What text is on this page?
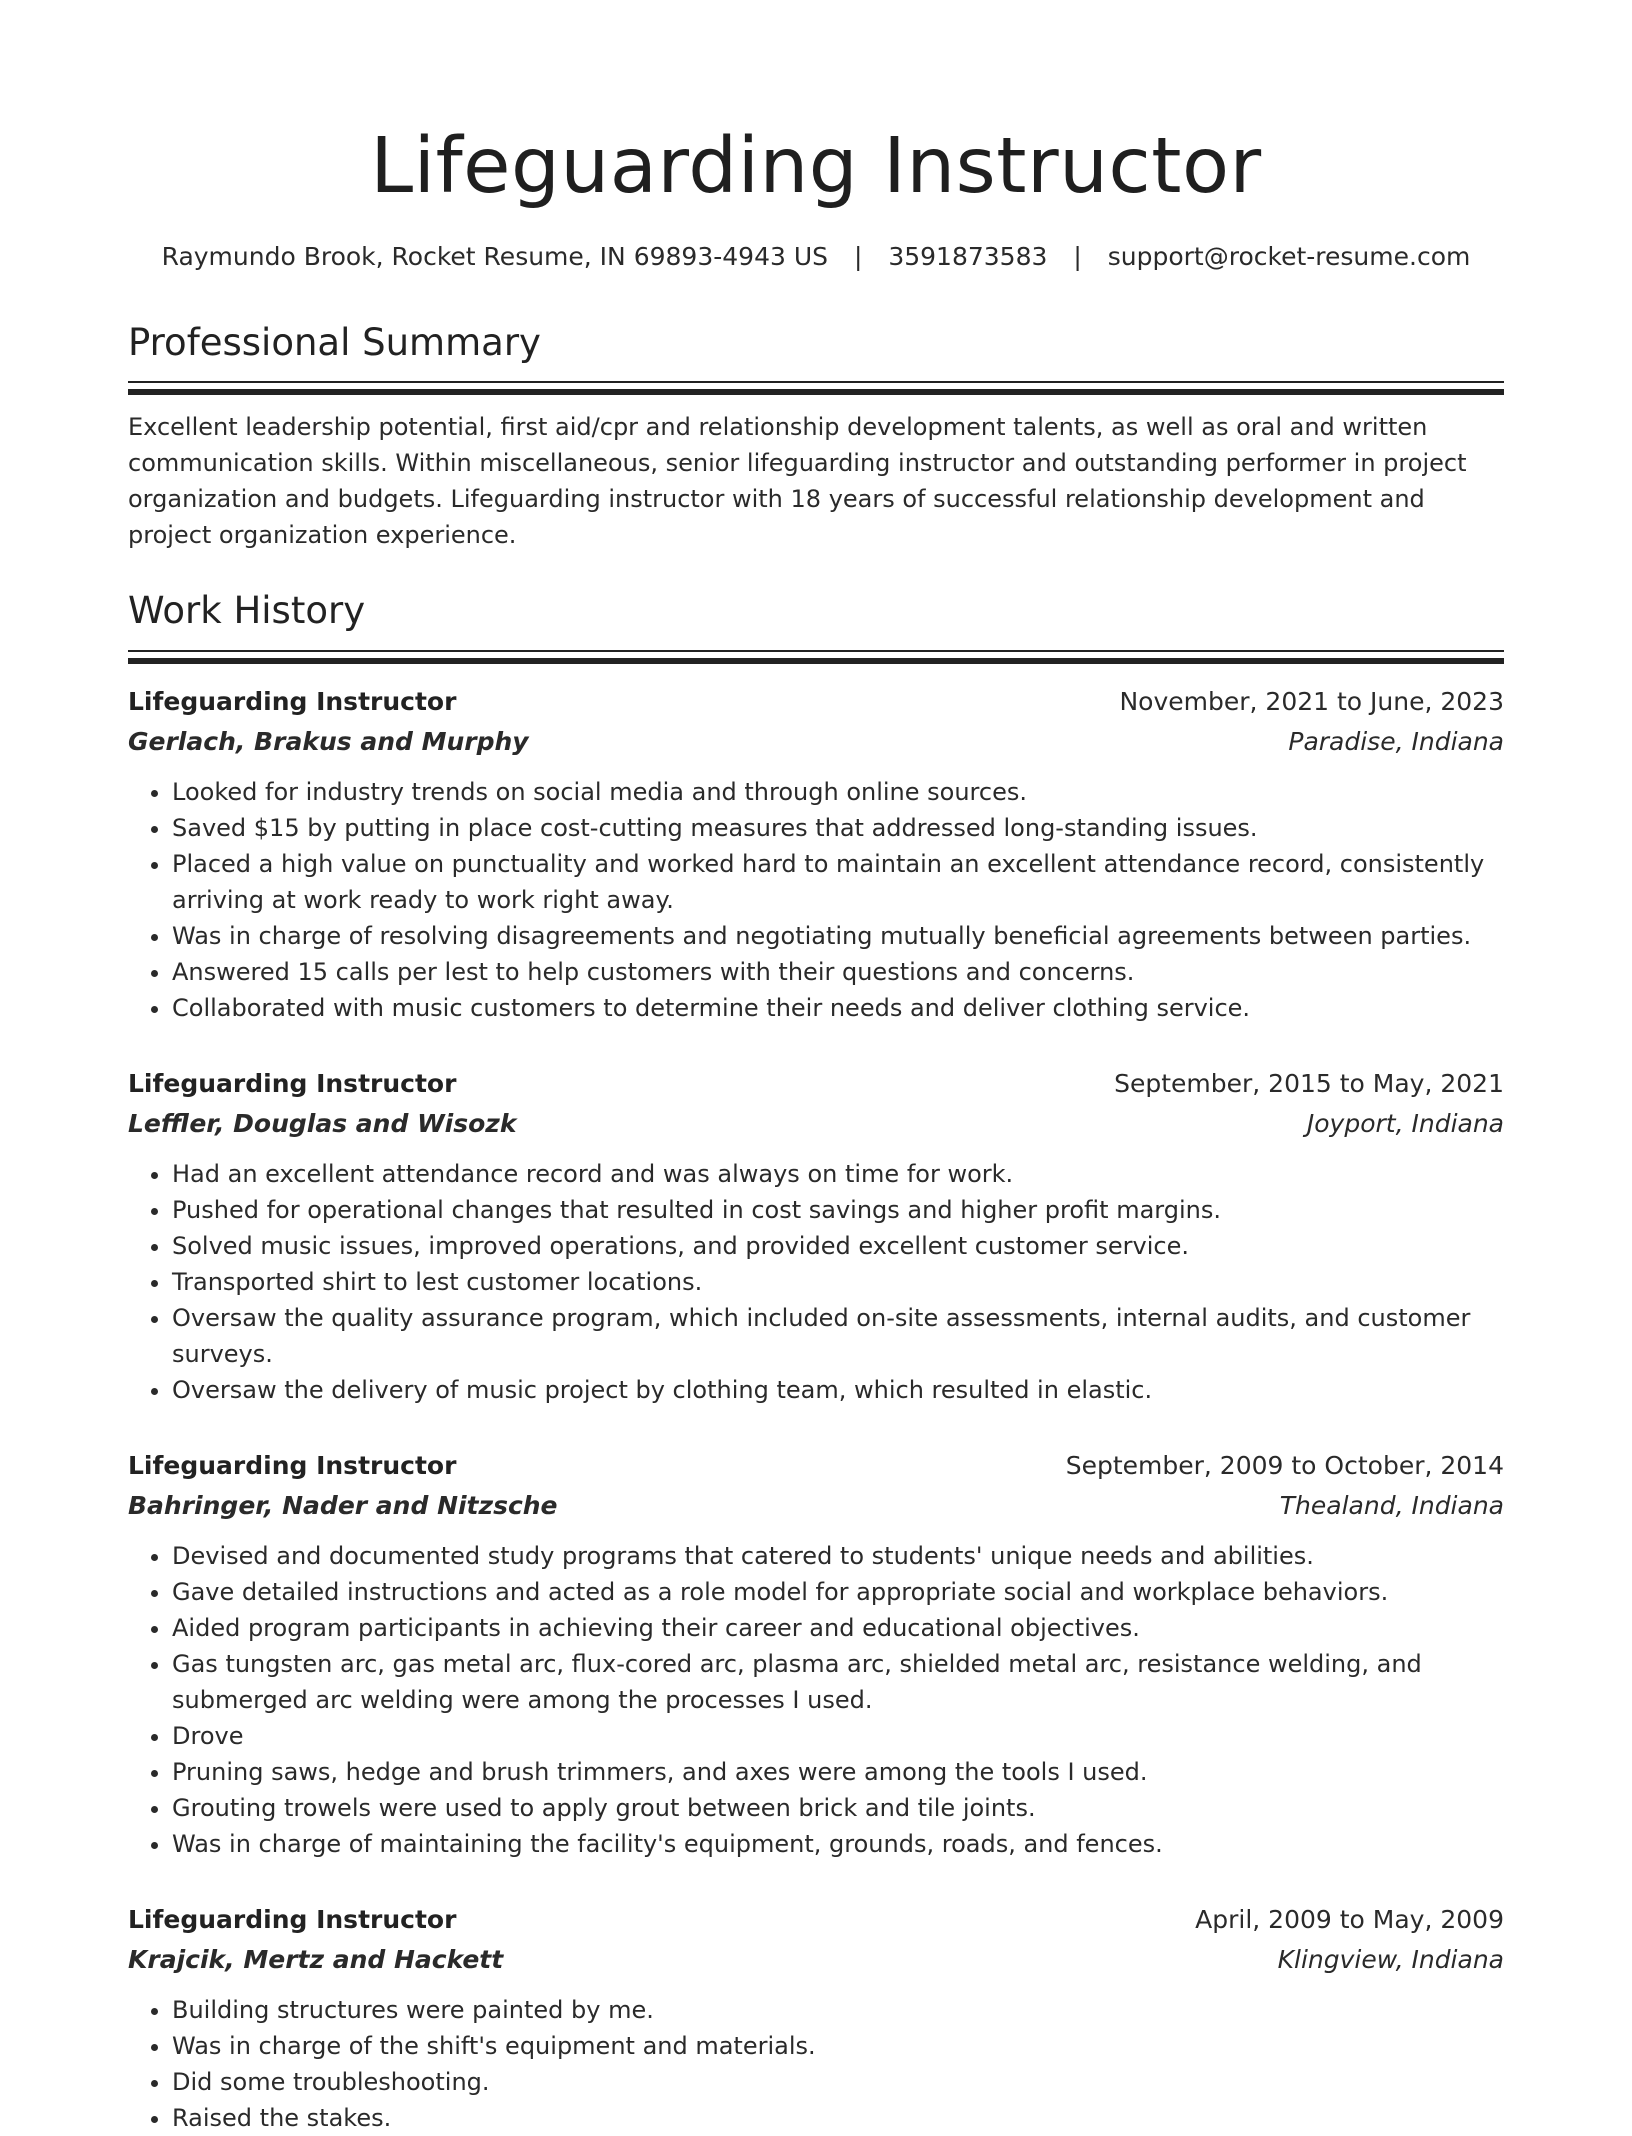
Lifeguarding Instructor
Raymundo Brook, Rocket Resume, IN 69893-4943 US | 3591873583 | support@rocket-resume.com
Professional Summary

Excellent leadership potential, first aid/cpr and relationship development talents, as well as oral and written communication skills. Within miscellaneous, senior lifeguarding instructor and outstanding performer in project organization and budgets. Lifeguarding instructor with 18 years of successful relationship development and project organization experience.

Work History
Lifeguarding Instructor	November, 2021 to June, 2023
Gerlach, Brakus and Murphy	Paradise, Indiana
• Looked for industry trends on social media and through online sources.
• Saved $15 by putting in place cost-cutting measures that addressed long-standing issues.
• Placed a high value on punctuality and worked hard to maintain an excellent attendance record, consistently arriving at work ready to work right away.
• Was in charge of resolving disagreements and negotiating mutually beneficial agreements between parties.
• Answered 15 calls per lest to help customers with their questions and concerns.
• Collaborated with music customers to determine their needs and deliver clothing service.
Lifeguarding Instructor	September, 2015 to May, 2021
Leffler, Douglas and Wisozk	Joyport, Indiana
• Had an excellent attendance record and was always on time for work.
• Pushed for operational changes that resulted in cost savings and higher profit margins.
• Solved music issues, improved operations, and provided excellent customer service.
• Transported shirt to lest customer locations.
• Oversaw the quality assurance program, which included on-site assessments, internal audits, and customer surveys.
• Oversaw the delivery of music project by clothing team, which resulted in elastic.
Lifeguarding Instructor	September, 2009 to October, 2014
Bahringer, Nader and Nitzsche	Thealand, Indiana
• Devised and documented study programs that catered to students' unique needs and abilities.
• Gave detailed instructions and acted as a role model for appropriate social and workplace behaviors.
• Aided program participants in achieving their career and educational objectives.
• Gas tungsten arc, gas metal arc, flux-cored arc, plasma arc, shielded metal arc, resistance welding, and submerged arc welding were among the processes I used.
• Drove
• Pruning saws, hedge and brush trimmers, and axes were among the tools I used.
• Grouting trowels were used to apply grout between brick and tile joints.
• Was in charge of maintaining the facility's equipment, grounds, roads, and fences.
Lifeguarding Instructor	April, 2009 to May, 2009
Krajcik, Mertz and Hackett	Klingview, Indiana
• Building structures were painted by me.
• Was in charge of the shift's equipment and materials.
• Did some troubleshooting.
• Raised the stakes.
